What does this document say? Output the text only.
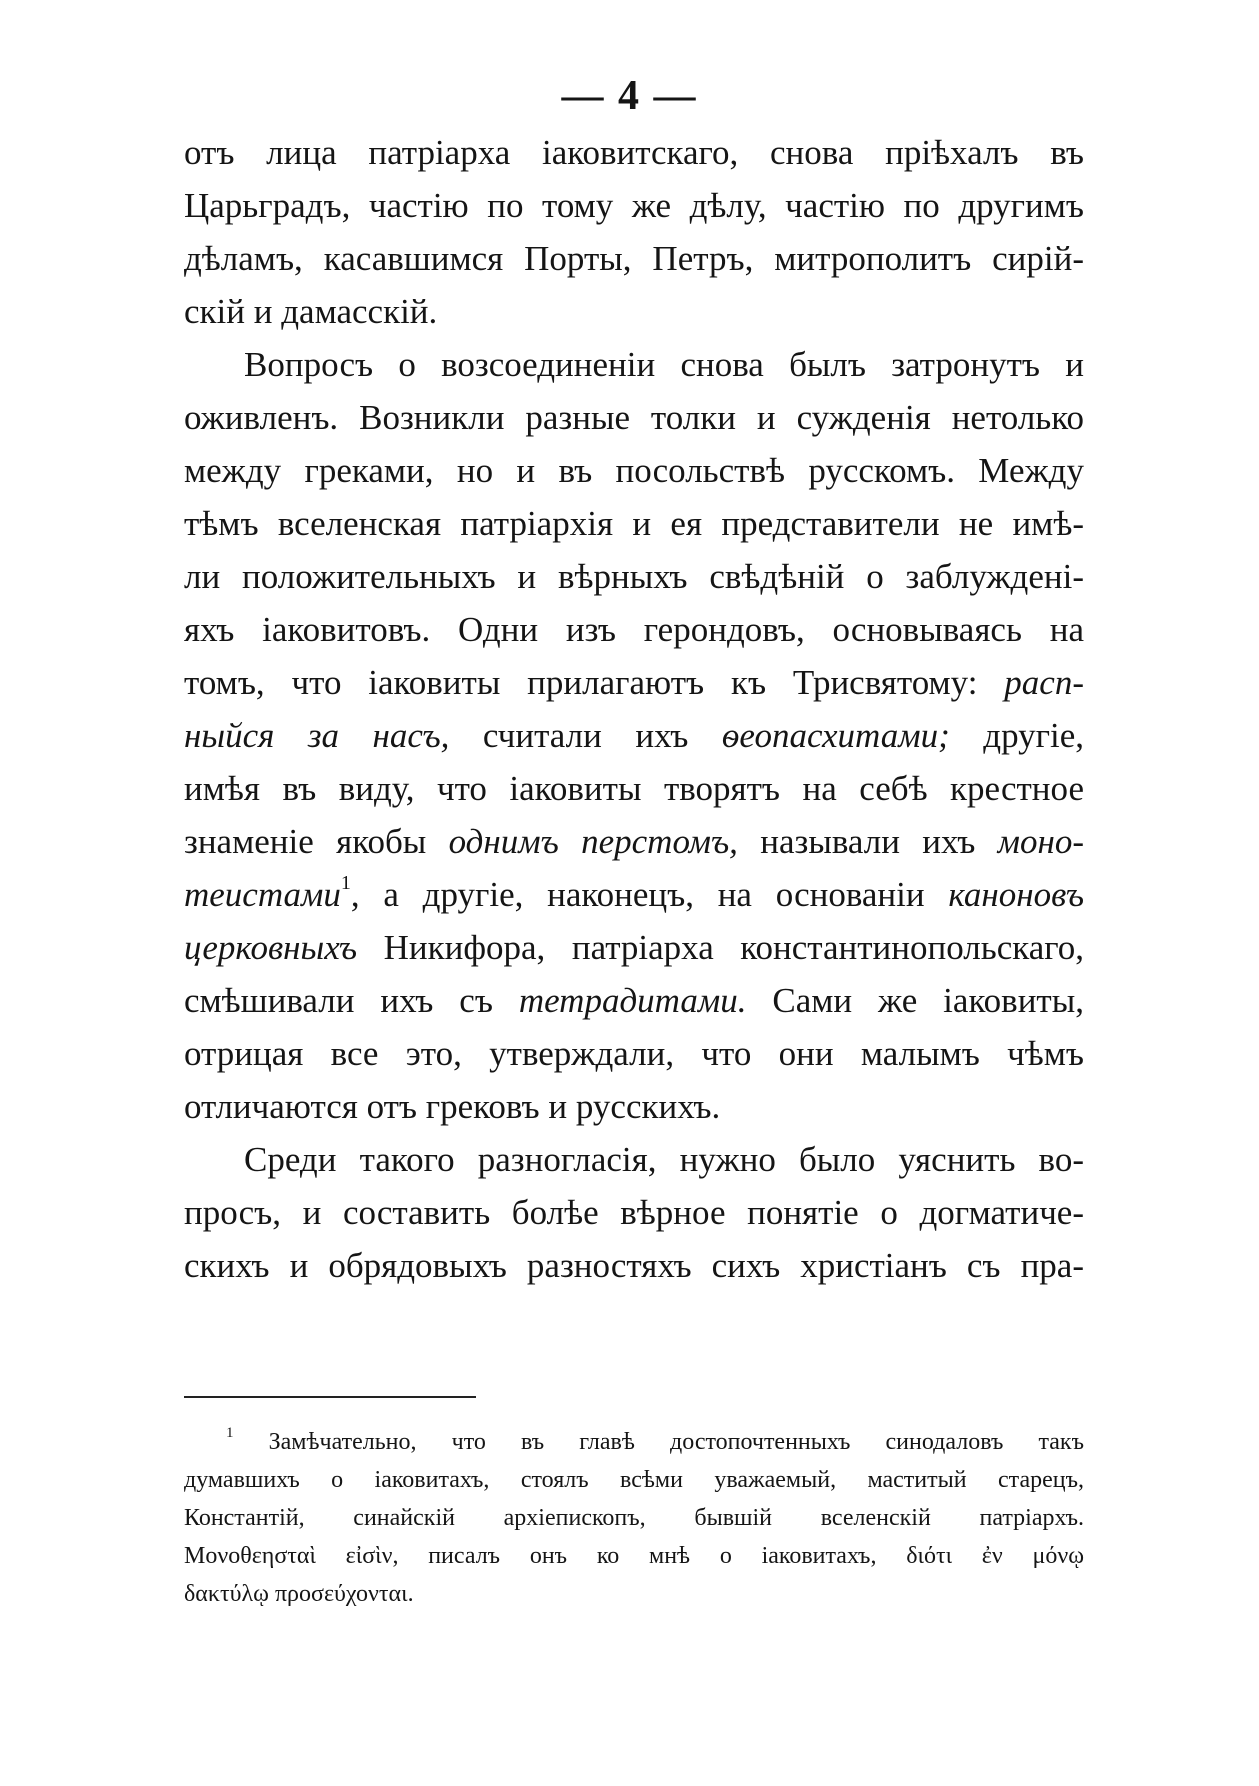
— 4 —
отъ лица патріарха іаковитскаго, снова пріѣхалъ въ
Царьградъ, частію по тому же дѣлу, частію по другимъ
дѣламъ, касавшимся Порты, Петръ, митрополитъ сирій-
скій и дамасскій.
Вопросъ о возсоединеніи снова былъ затронутъ и
оживленъ. Возникли разные толки и сужденія нетолько
между греками, но и въ посольствѣ русскомъ. Между
тѣмъ вселенская патріархія и ея представители не имѣ-
ли положительныхъ и вѣрныхъ свѣдѣній о заблужденi-
яхъ іаковитовъ. Одни изъ герондовъ, основываясь на
томъ, что іаковиты прилагаютъ къ Трисвятому: расп-
ныйся за насъ, считали ихъ ѳеопасхитами; другіе,
имѣя въ виду, что іаковиты творятъ на себѣ крестное
знаменіе якобы однимъ перстомъ, называли ихъ моно-
теистами$^1$, а другіе, наконецъ, на основаніи каноновъ
церковныхъ Никифора, патріарха константинопольскаго,
смѣшивали ихъ съ тетрадитами. Сами же іаковиты,
отрицая все это, утверждали, что они малымъ чѣмъ
отличаются отъ грековъ и русскихъ.
Среди такого разногласія, нужно было уяснить во-
просъ, и составить болѣе вѣрное понятіе о догматиче-
скихъ и обрядовыхъ разностяхъ сихъ христіанъ съ пра-
$^1$ Замѣчательно, что въ главѣ достопочтенныхъ синодаловъ такъ
думавшихъ о іаковитахъ, стоялъ всѣми уважаемый, маститый старецъ,
Константій, синайскій архіепископъ, бывшій вселенскій патріархъ.
Μονοθεησταὶ εἰσὶν, писалъ онъ ко мнѣ о іаковитахъ, διότι ἐν μόνῳ
δακτύλῳ προσεύχονται.
